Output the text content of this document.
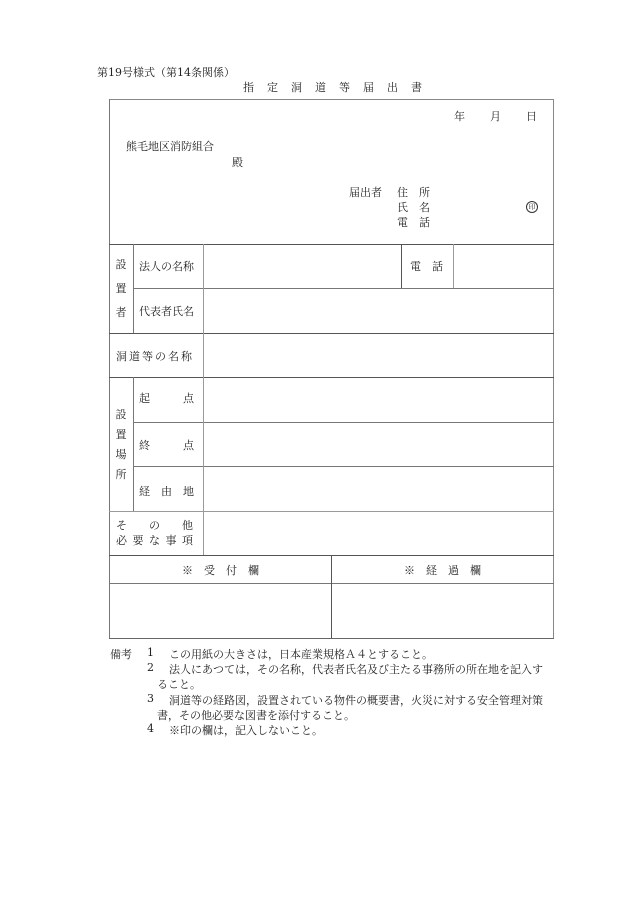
第19号様式（第14条関係）
指　定　洞　道　等　届　出　書
年 月 日
熊毛地区消防組合
殿
届出者 住　所
氏　名
電　話
印
設
置
者
法人の名称	電　話
代表者氏名
洞道等の名称
設
置
場
所
起　　　点
終　　　点
経　由　地
そ　　の　　他
必 要 な 事 項
※　受　付　欄	※　経　過　欄
備考 1 この用紙の大きさは，日本産業規格Ａ４とすること。
2 法人にあつては，その名称，代表者氏名及び主たる事務所の所在地を記入す
ること。
3 洞道等の経路図，設置されている物件の概要書，火災に対する安全管理対策
書，その他必要な図書を添付すること。
4 ※印の欄は，記入しないこと。
